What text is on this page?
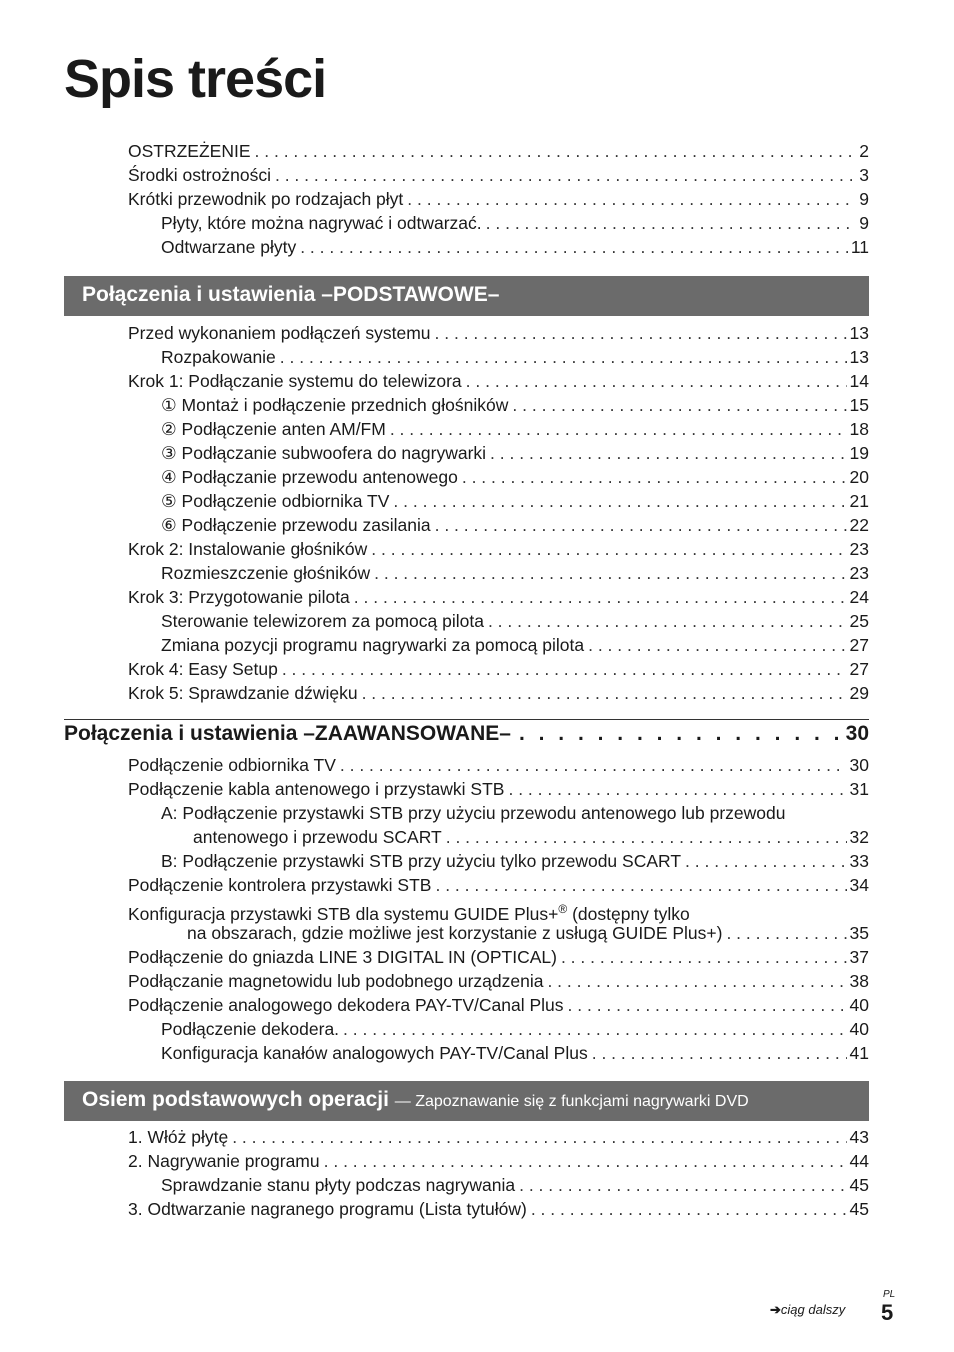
Spis treści
OSTRZEŻENIE . . .	2
Środki ostrożności . . .	3
Krótki przewodnik po rodzajach płyt . . .	9
Płyty, które można nagrywać i odtwarzać. . . .	9
Odtwarzane płyty . . .	11
Połączenia i ustawienia –PODSTAWOWE–
Przed wykonaniem podłączeń systemu . . .	13
Rozpakowanie . . .	13
Krok 1: Podłączanie systemu do telewizora . . .	14
① Montaż i podłączenie przednich głośników . . .	15
② Podłączenie anten AM/FM . . .	18
③ Podłączanie subwoofera do nagrywarki . . .	19
④ Podłączanie przewodu antenowego . . .	20
⑤ Podłączenie odbiornika TV . . .	21
⑥ Podłączenie przewodu zasilania . . .	22
Krok 2: Instalowanie głośników . . .	23
Rozmieszczenie głośników . . .	23
Krok 3: Przygotowanie pilota . . .	24
Sterowanie telewizorem za pomocą pilota . . .	25
Zmiana pozycji programu nagrywarki za pomocą pilota . . .	27
Krok 4: Easy Setup . . .	27
Krok 5: Sprawdzanie dźwięku . . .	29
Połączenia i ustawienia –ZAAWANSOWANE– . . .	30
Podłączenie odbiornika TV . . .	30
Podłączenie kabla antenowego i przystawki STB . . .	31
A: Podłączenie przystawki STB przy użyciu przewodu antenowego lub przewodu
antenowego i przewodu SCART . . .	32
B: Podłączenie przystawki STB przy użyciu tylko przewodu SCART . . .	33
Podłączenie kontrolera przystawki STB . . .	34
Konfiguracja przystawki STB dla systemu GUIDE Plus+® (dostępny tylko
na obszarach, gdzie możliwe jest korzystanie z usługą GUIDE Plus+) . . .	35
Podłączenie do gniazda LINE 3 DIGITAL IN (OPTICAL) . . .	37
Podłączanie magnetowidu lub podobnego urządzenia . . .	38
Podłączenie analogowego dekodera PAY-TV/Canal Plus . . .	40
Podłączenie dekodera. . . .	40
Konfiguracja kanałów analogowych PAY-TV/Canal Plus . . .	41
Osiem podstawowych operacji — Zapoznawanie się z funkcjami nagrywarki DVD
1. Włóż płytę . . .	43
2. Nagrywanie programu . . .	44
Sprawdzanie stanu płyty podczas nagrywania . . .	45
3. Odtwarzanie nagranego programu (Lista tytułów) . . .	45
➔ciąg dalszy
PL
5
